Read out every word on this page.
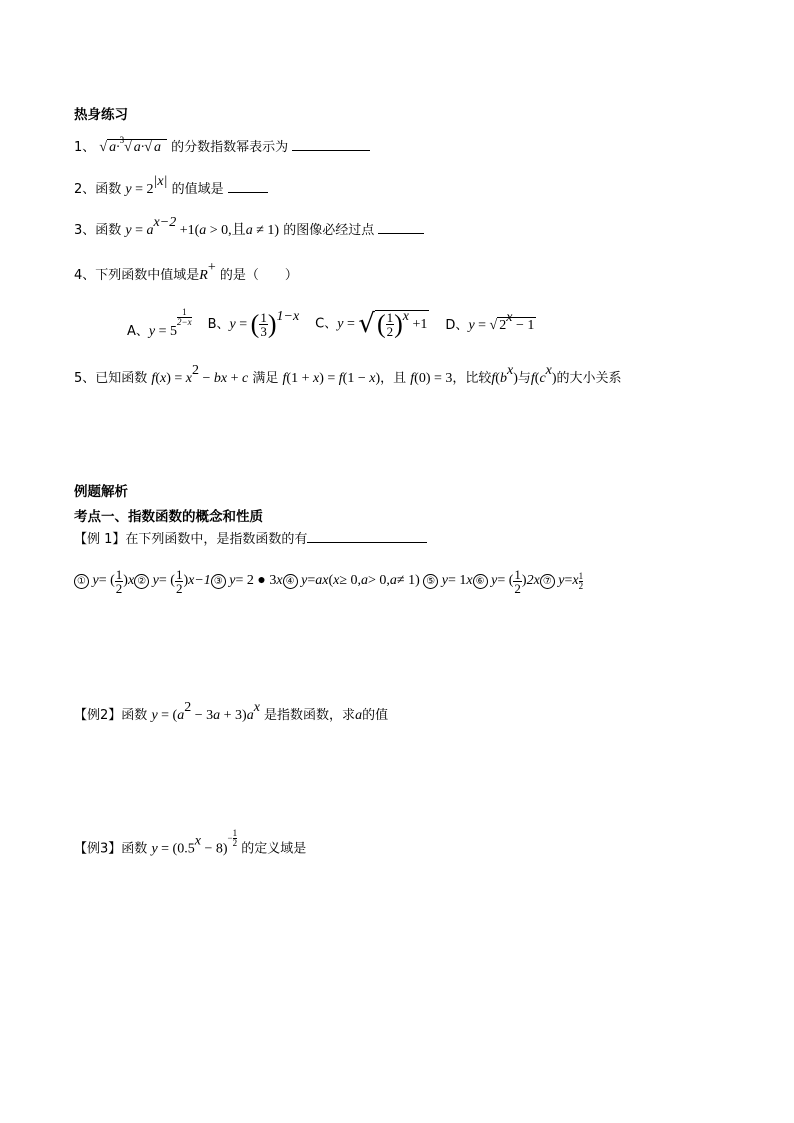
热身练习
1、 √ a·$^3$√ a·√ a 的分数指数幂表示为
2、函数 $y = 2^{|x|}$ 的值域是
3、函数 $y = a^{x-2} +1(a > 0$,且a ≠ 1) 的图像必经过点
4、下列函数中值域是R+ 的是（　　）
A、y = 5
$\frac{1}{2-x}$ B、y = ( $\frac{1}{3} )^{1-x}$
C、y = √( $\frac{1}{2} )^x +1$ D、y = √ $2^x - 1$
5、已知函数 $f(x) = x^2$ − bx + c 满足 f(1 + x) = f(1 − x)，且 f(0) = 3，比较$f(b^x)$与$f(c^x)$的大小关系
例题解析
考点一、指数函数的概念和性质
【例 1】在下列函数中，是指数函数的有
① y = ( $\frac{1}{2}$ ) x ② y = ( $\frac{1}{2}$ ) x−1 ③ y = 2 ● 3 x ④ y = a x ( x ≥ 0, a > 0, a ≠ 1) ⑤ y = 1 x ⑥ y = ( $\frac{1}{2}$ ) 2x ⑦ y = x 1
2
【例2】函数 $y = (a^2 - 3a + 3)a^x$ 是指数函数，求a的值
【例3】函数 $y = (0.5^x - 8)- \frac{1}{2}$
的定义域是
